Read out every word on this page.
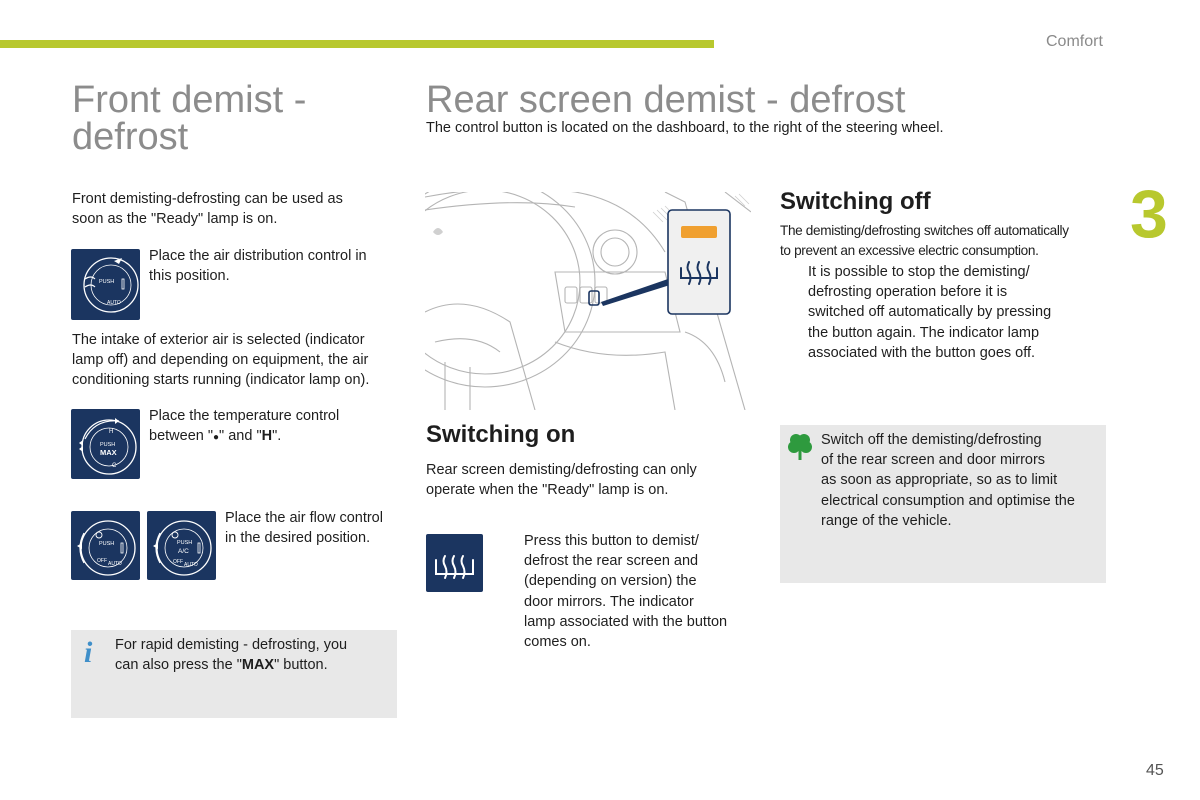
Comfort
3
45
Front demist -
defrost
Front demisting-defrosting can be used as
soon as the "Ready" lamp is on.
PUSH
AUTO
Place the air distribution control in
this position.
The intake of exterior air is selected (indicator
lamp off) and depending on equipment, the air
conditioning starts running (indicator lamp on).
PUSH
MAX
H
C
Place the temperature control
between "●" and "H".
PUSH
OFF AUTO
PUSH
A/C
OFF AUTO
Place the air flow control
in the desired position.
i For rapid demisting - defrosting, you
can also press the "MAX" button.
Rear screen demist - defrost
The control button is located on the dashboard, to the right of the steering wheel.
Switching on
Rear screen demisting/defrosting can only
operate when the "Ready" lamp is on.
Press this button to demist/
defrost the rear screen and
(depending on version) the
door mirrors. The indicator
lamp associated with the button
comes on.
Switching off
The demisting/defrosting switches off automatically
to prevent an excessive electric consumption.
It is possible to stop the demisting/
defrosting operation before it is
switched off automatically by pressing
the button again. The indicator lamp
associated with the button goes off.
Switch off the demisting/defrosting
of the rear screen and door mirrors
as soon as appropriate, so as to limit
electrical consumption and optimise the
range of the vehicle.
